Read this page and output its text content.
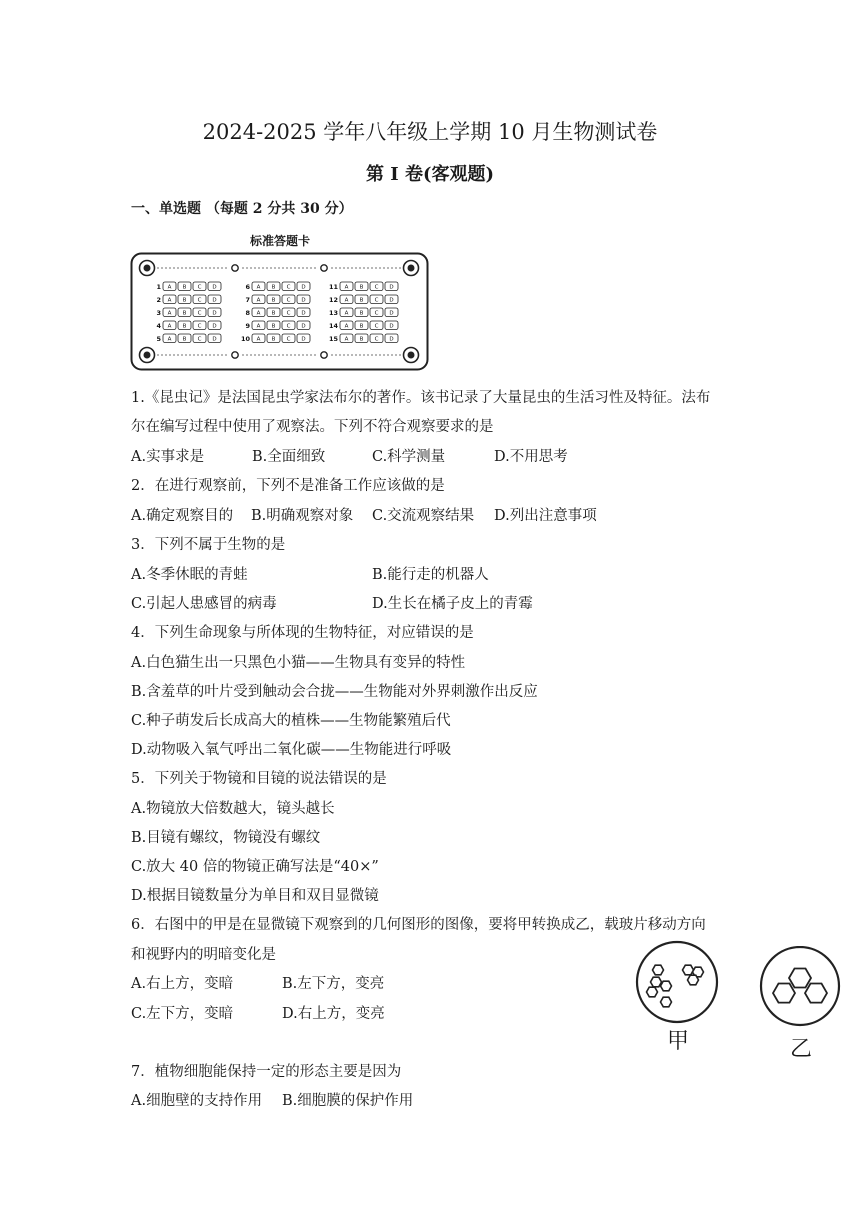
2024-2025 学年八年级上学期 10 月生物测试卷
第 I 卷(客观题)
一、单选题 （每题 2 分共 30 分）
标准答题卡
1 A B C D
2 A B C D
3 A B C D
4 A B C D
5 A B C D
6 A B C D
7 A B C D
8 A B C D
9 A B C D
10 A B C D
11 A B C D
12 A B C D
13 A B C D
14 A B C D
15 A B C D
1.《昆虫记》是法国昆虫学家法布尔的著作。该书记录了大量昆虫的生活习性及特征。法布
尔在编写过程中使用了观察法。下列不符合观察要求的是
A.实事求是	B.全面细致	C.科学测量	D.不用思考
2．在进行观察前，下列不是准备工作应该做的是
A.确定观察目的 B.明确观察对象 C.交流观察结果 D.列出注意事项
3．下列不属于生物的是
A.冬季休眠的青蛙	B.能行走的机器人
C.引起人患感冒的病毒	D.生长在橘子皮上的青霉
4．下列生命现象与所体现的生物特征，对应错误的是
A.白色猫生出一只黑色小猫——生物具有变异的特性
B.含羞草的叶片受到触动会合拢——生物能对外界刺激作出反应
C.种子萌发后长成高大的植株——生物能繁殖后代
D.动物吸入氧气呼出二氧化碳——生物能进行呼吸
5．下列关于物镜和目镜的说法错误的是
A.物镜放大倍数越大，镜头越长
B.目镜有螺纹，物镜没有螺纹
C.放大 40 倍的物镜正确写法是“40×”
D.根据目镜数量分为单目和双目显微镜
6．右图中的甲是在显微镜下观察到的几何图形的图像，要将甲转换成乙，载玻片移动方向
和视野内的明暗变化是
A.右上方，变暗	B.左下方，变亮
C.左下方，变暗	D.右上方，变亮
甲	乙
7．植物细胞能保持一定的形态主要是因为
A.细胞壁的支持作用 B.细胞膜的保护作用
